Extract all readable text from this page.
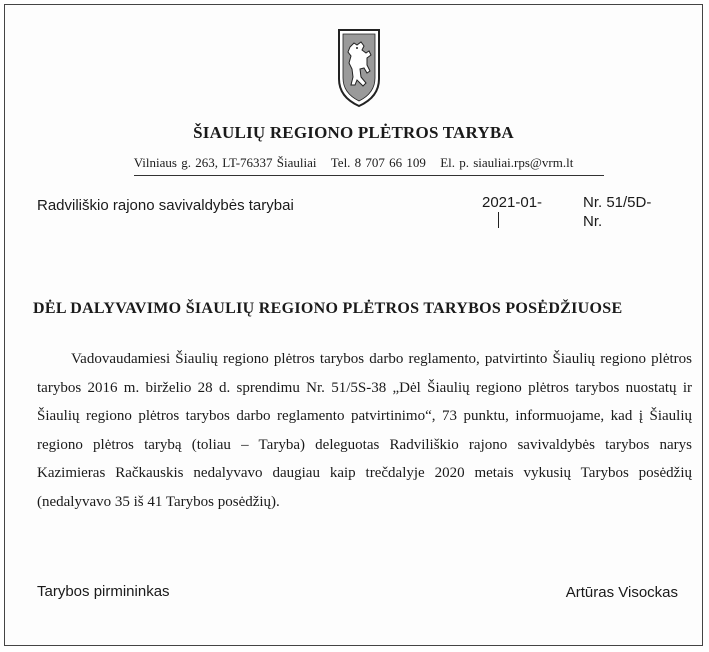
ŠIAULIŲ REGIONO PLĖTROS TARYBA
Vilniaus g. 263, LT-76337 Šiauliai Tel. 8 707 66 109 El. p. siauliai.rps@vrm.lt
Radviliškio rajono savivaldybės tarybai	2021-01-	Nr. 51/5D-
Nr.
DĖL DALYVAVIMO ŠIAULIŲ REGIONO PLĖTROS TARYBOS POSĖDŽIUOSE

Vadovaudamiesi Šiaulių regiono plėtros tarybos darbo reglamento, patvirtinto Šiaulių regiono plėtros tarybos 2016 m. birželio 28 d. sprendimu Nr. 51/5S-38 „Dėl Šiaulių regiono plėtros tarybos nuostatų ir Šiaulių regiono plėtros tarybos darbo reglamento patvirtinimo“, 73 punktu, informuojame, kad į Šiaulių regiono plėtros tarybą (toliau – Taryba) deleguotas Radviliškio rajono savivaldybės tarybos narys Kazimieras Račkauskis nedalyvavo daugiau kaip trečdalyje 2020 metais vykusių Tarybos posėdžių (nedalyvavo 35 iš 41 Tarybos posėdžių).

Tarybos pirmininkas	Artūras Visockas
